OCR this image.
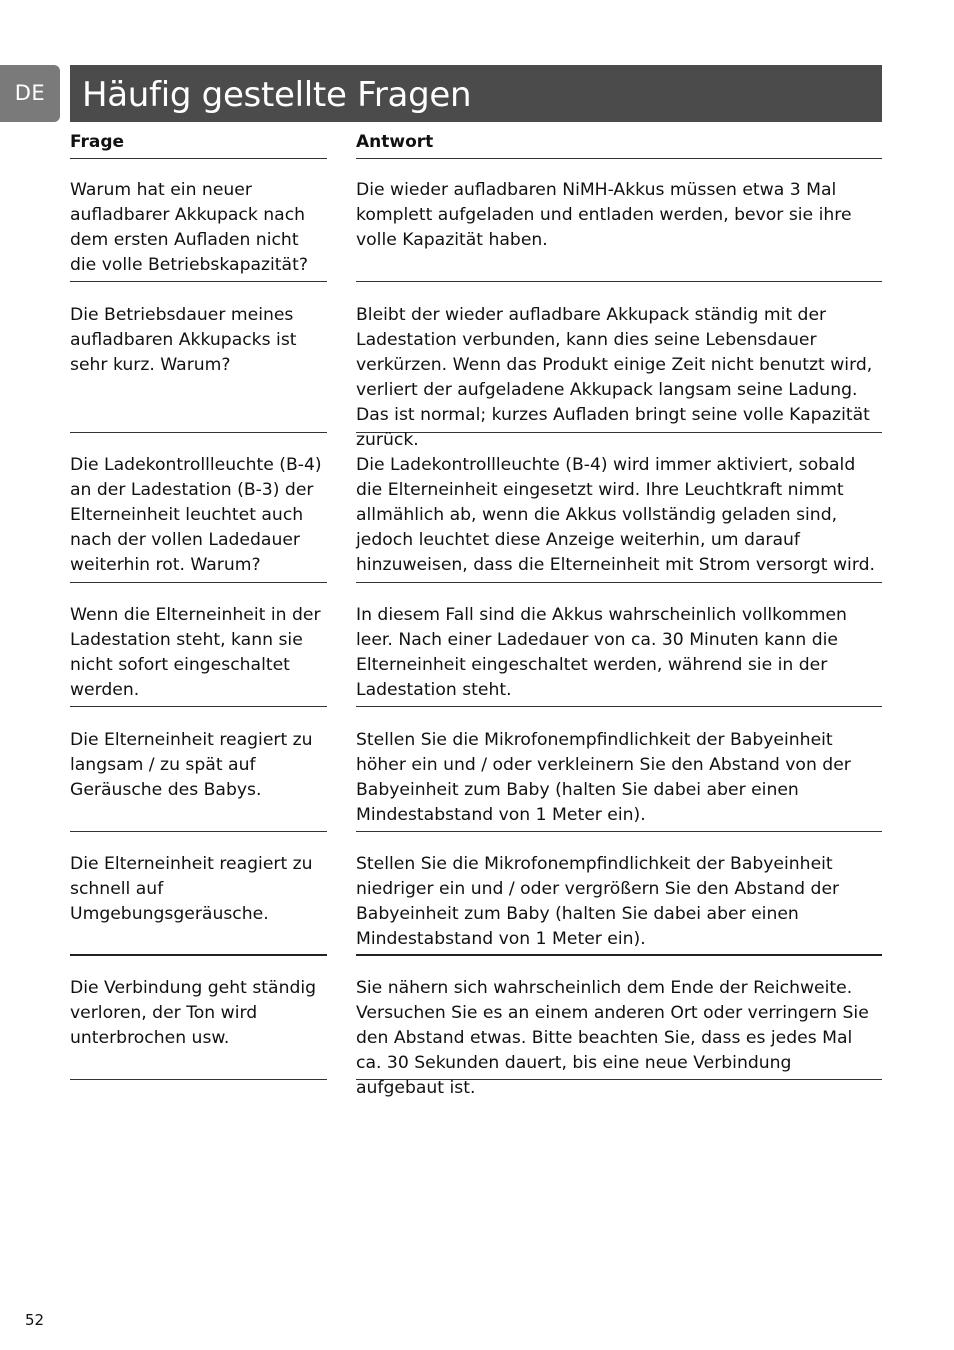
DE	Häufig gestellte Fragen
Frage	Antwort
Warum hat ein neuer aufladbarer Akkupack nach dem ersten Aufladen nicht die volle Betriebskapazität?
Die wieder aufladbaren NiMH-Akkus müssen etwa 3 Mal komplett aufgeladen und entladen werden, bevor sie ihre volle Kapazität haben.
Die Betriebsdauer meines aufladbaren Akkupacks ist sehr kurz. Warum?
Bleibt der wieder aufladbare Akkupack ständig mit der Ladestation verbunden, kann dies seine Lebensdauer verkürzen. Wenn das Produkt einige Zeit nicht benutzt wird, verliert der aufgeladene Akkupack langsam seine Ladung. Das ist normal; kurzes Aufladen bringt seine volle Kapazität zurück.
Die Ladekontrollleuchte (B-4) an der Ladestation (B-3) der Elterneinheit leuchtet auch nach der vollen Ladedauer weiterhin rot. Warum?
Die Ladekontrollleuchte (B-4) wird immer aktiviert, sobald die Elterneinheit eingesetzt wird. Ihre Leuchtkraft nimmt allmählich ab, wenn die Akkus vollständig geladen sind, jedoch leuchtet diese Anzeige weiterhin, um darauf hinzuweisen, dass die Elterneinheit mit Strom versorgt wird.
Wenn die Elterneinheit in der Ladestation steht, kann sie nicht sofort eingeschaltet werden.
In diesem Fall sind die Akkus wahrscheinlich vollkommen leer. Nach einer Ladedauer von ca. 30 Minuten kann die Elterneinheit eingeschaltet werden, während sie in der Ladestation steht.
Die Elterneinheit reagiert zu langsam / zu spät auf Geräusche des Babys.
Stellen Sie die Mikrofonempfindlichkeit der Babyeinheit höher ein und / oder verkleinern Sie den Abstand von der Babyeinheit zum Baby (halten Sie dabei aber einen Mindestabstand von 1 Meter ein).
Die Elterneinheit reagiert zu schnell auf Umgebungsgeräusche.
Stellen Sie die Mikrofonempfindlichkeit der Babyeinheit niedriger ein und / oder vergrößern Sie den Abstand der Babyeinheit zum Baby (halten Sie dabei aber einen Mindestabstand von 1 Meter ein).
Die Verbindung geht ständig verloren, der Ton wird unterbrochen usw.
Sie nähern sich wahrscheinlich dem Ende der Reichweite. Versuchen Sie es an einem anderen Ort oder verringern Sie den Abstand etwas. Bitte beachten Sie, dass es jedes Mal ca. 30 Sekunden dauert, bis eine neue Verbindung aufgebaut ist.
52
